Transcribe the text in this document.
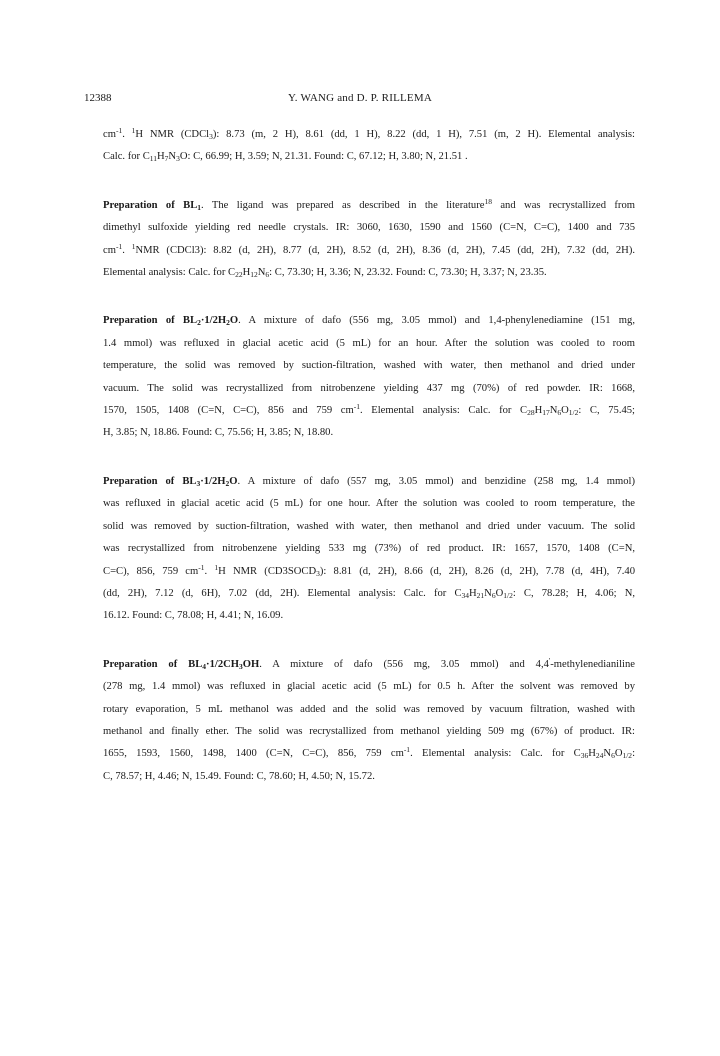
12388	Y. WANG and D. P. RILLEMA

$cm^{-1}$. $^1$H NMR (CDCl$_3$): 8.73 (m, 2 H), 8.61 (dd, 1 H), 8.22 (dd, 1 H), 7.51 (m, 2 H). Elemental analysis:
Calc. for $C_{11}H_7N_3O$: C, 66.99; H, 3.59; N, 21.31. Found: C, 67.12; H, 3.80; N, 21.51 .

Preparation of $BL_1$. The ligand was prepared as described in the literature$^{18}$ and was recrystallized from
dimethyl sulfoxide yielding red needle crystals. IR: 3060, 1630, 1590 and 1560 (C=N, C=C), 1400 and 735
$cm^{-1}$. $^1$NMR (CDCl3): 8.82 (d, 2H), 8.77 (d, 2H), 8.52 (d, 2H), 8.36 (d, 2H), 7.45 (dd, 2H), 7.32 (dd, 2H).
Elemental analysis: Calc. for $C_{22}H_{12}N_6$: C, 73.30; H, 3.36; N, 23.32. Found: C, 73.30; H, 3.37; N, 23.35.

Preparation of $BL_2\cdot 1/2H_2O$. A mixture of dafo (556 mg, 3.05 mmol) and 1,4-phenylenediamine (151 mg,
1.4 mmol) was refluxed in glacial acetic acid (5 mL) for an hour. After the solution was cooled to room
temperature, the solid was removed by suction-filtration, washed with water, then methanol and dried under
vacuum. The solid was recrystallized from nitrobenzene yielding 437 mg (70%) of red powder. IR: 1668,
1570, 1505, 1408 (C=N, C=C), 856 and 759 $cm^{-1}$. Elemental analysis: Calc. for $C_{28}H_{17}N_6O_{1/2}$: C, 75.45;
H, 3.85; N, 18.86. Found: C, 75.56; H, 3.85; N, 18.80.

Preparation of $BL_3\cdot 1/2H_2O$. A mixture of dafo (557 mg, 3.05 mmol) and benzidine (258 mg, 1.4 mmol)
was refluxed in glacial acetic acid (5 mL) for one hour. After the solution was cooled to room temperature, the
solid was removed by suction-filtration, washed with water, then methanol and dried under vacuum. The solid
was recrystallized from nitrobenzene yielding 533 mg (73%) of red product. IR: 1657, 1570, 1408 (C=N,
C=C), 856, 759 $cm^{-1}$. $^1$H NMR $(CD3SOCD_3)$: 8.81 (d, 2H), 8.66 (d, 2H), 8.26 (d, 2H), 7.78 (d, 4H), 7.40
(dd, 2H), 7.12 (d, 6H), 7.02 (dd, 2H). Elemental analysis: Calc. for $C_{34}H_{21}N_6O_{1/2}$: C, 78.28; H, 4.06; N,
16.12. Found: C, 78.08; H, 4.41; N, 16.09.

Preparation of $BL_4\cdot 1/2CH_3OH$. A mixture of dafo (556 mg, 3.05 mmol) and 4,4'-methylenedianiline
(278 mg, 1.4 mmol) was refluxed in glacial acetic acid (5 mL) for 0.5 h. After the solvent was removed by
rotary evaporation, 5 mL methanol was added and the solid was removed by vacuum filtration, washed with
methanol and finally ether. The solid was recrystallized from methanol yielding 509 mg (67%) of product. IR:
1655, 1593, 1560, 1498, 1400 (C=N, C=C), 856, 759 $cm^{-1}$. Elemental analysis: Calc. for $C_{36}H_{24}N_6O_{1/2}$:
C, 78.57; H, 4.46; N, 15.49. Found: C, 78.60; H, 4.50; N, 15.72.
